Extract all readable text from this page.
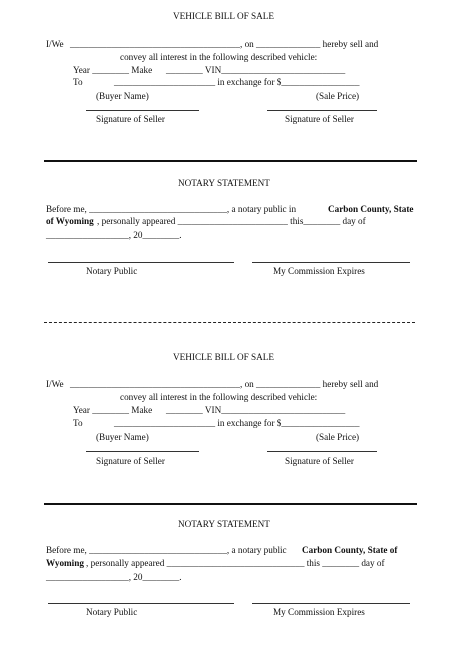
VEHICLE BILL OF SALE
I/We _____________________________________, on ______________ hereby sell and
convey all interest in the following described vehicle:
Year ________ Make ________ VIN___________________________
To	______________________ in exchange for $_________________
(Buyer Name)	(Sale Price)
Signature of Seller	Signature of Seller
NOTARY STATEMENT
Before me, ______________________________, a notary public in	Carbon County, State
of Wyoming , personally appeared ________________________ this________ day of
__________________, 20________.
Notary Public	My Commission Expires
VEHICLE BILL OF SALE
I/We _____________________________________, on ______________ hereby sell and
convey all interest in the following described vehicle:
Year ________ Make ________ VIN___________________________
To	______________________ in exchange for $_________________
(Buyer Name)	(Sale Price)
Signature of Seller	Signature of Seller
NOTARY STATEMENT
Before me, ______________________________, a notary public Carbon County, State of
Wyoming , personally appeared ______________________________ this ________ day of
__________________, 20________.
Notary Public	My Commission Expires
